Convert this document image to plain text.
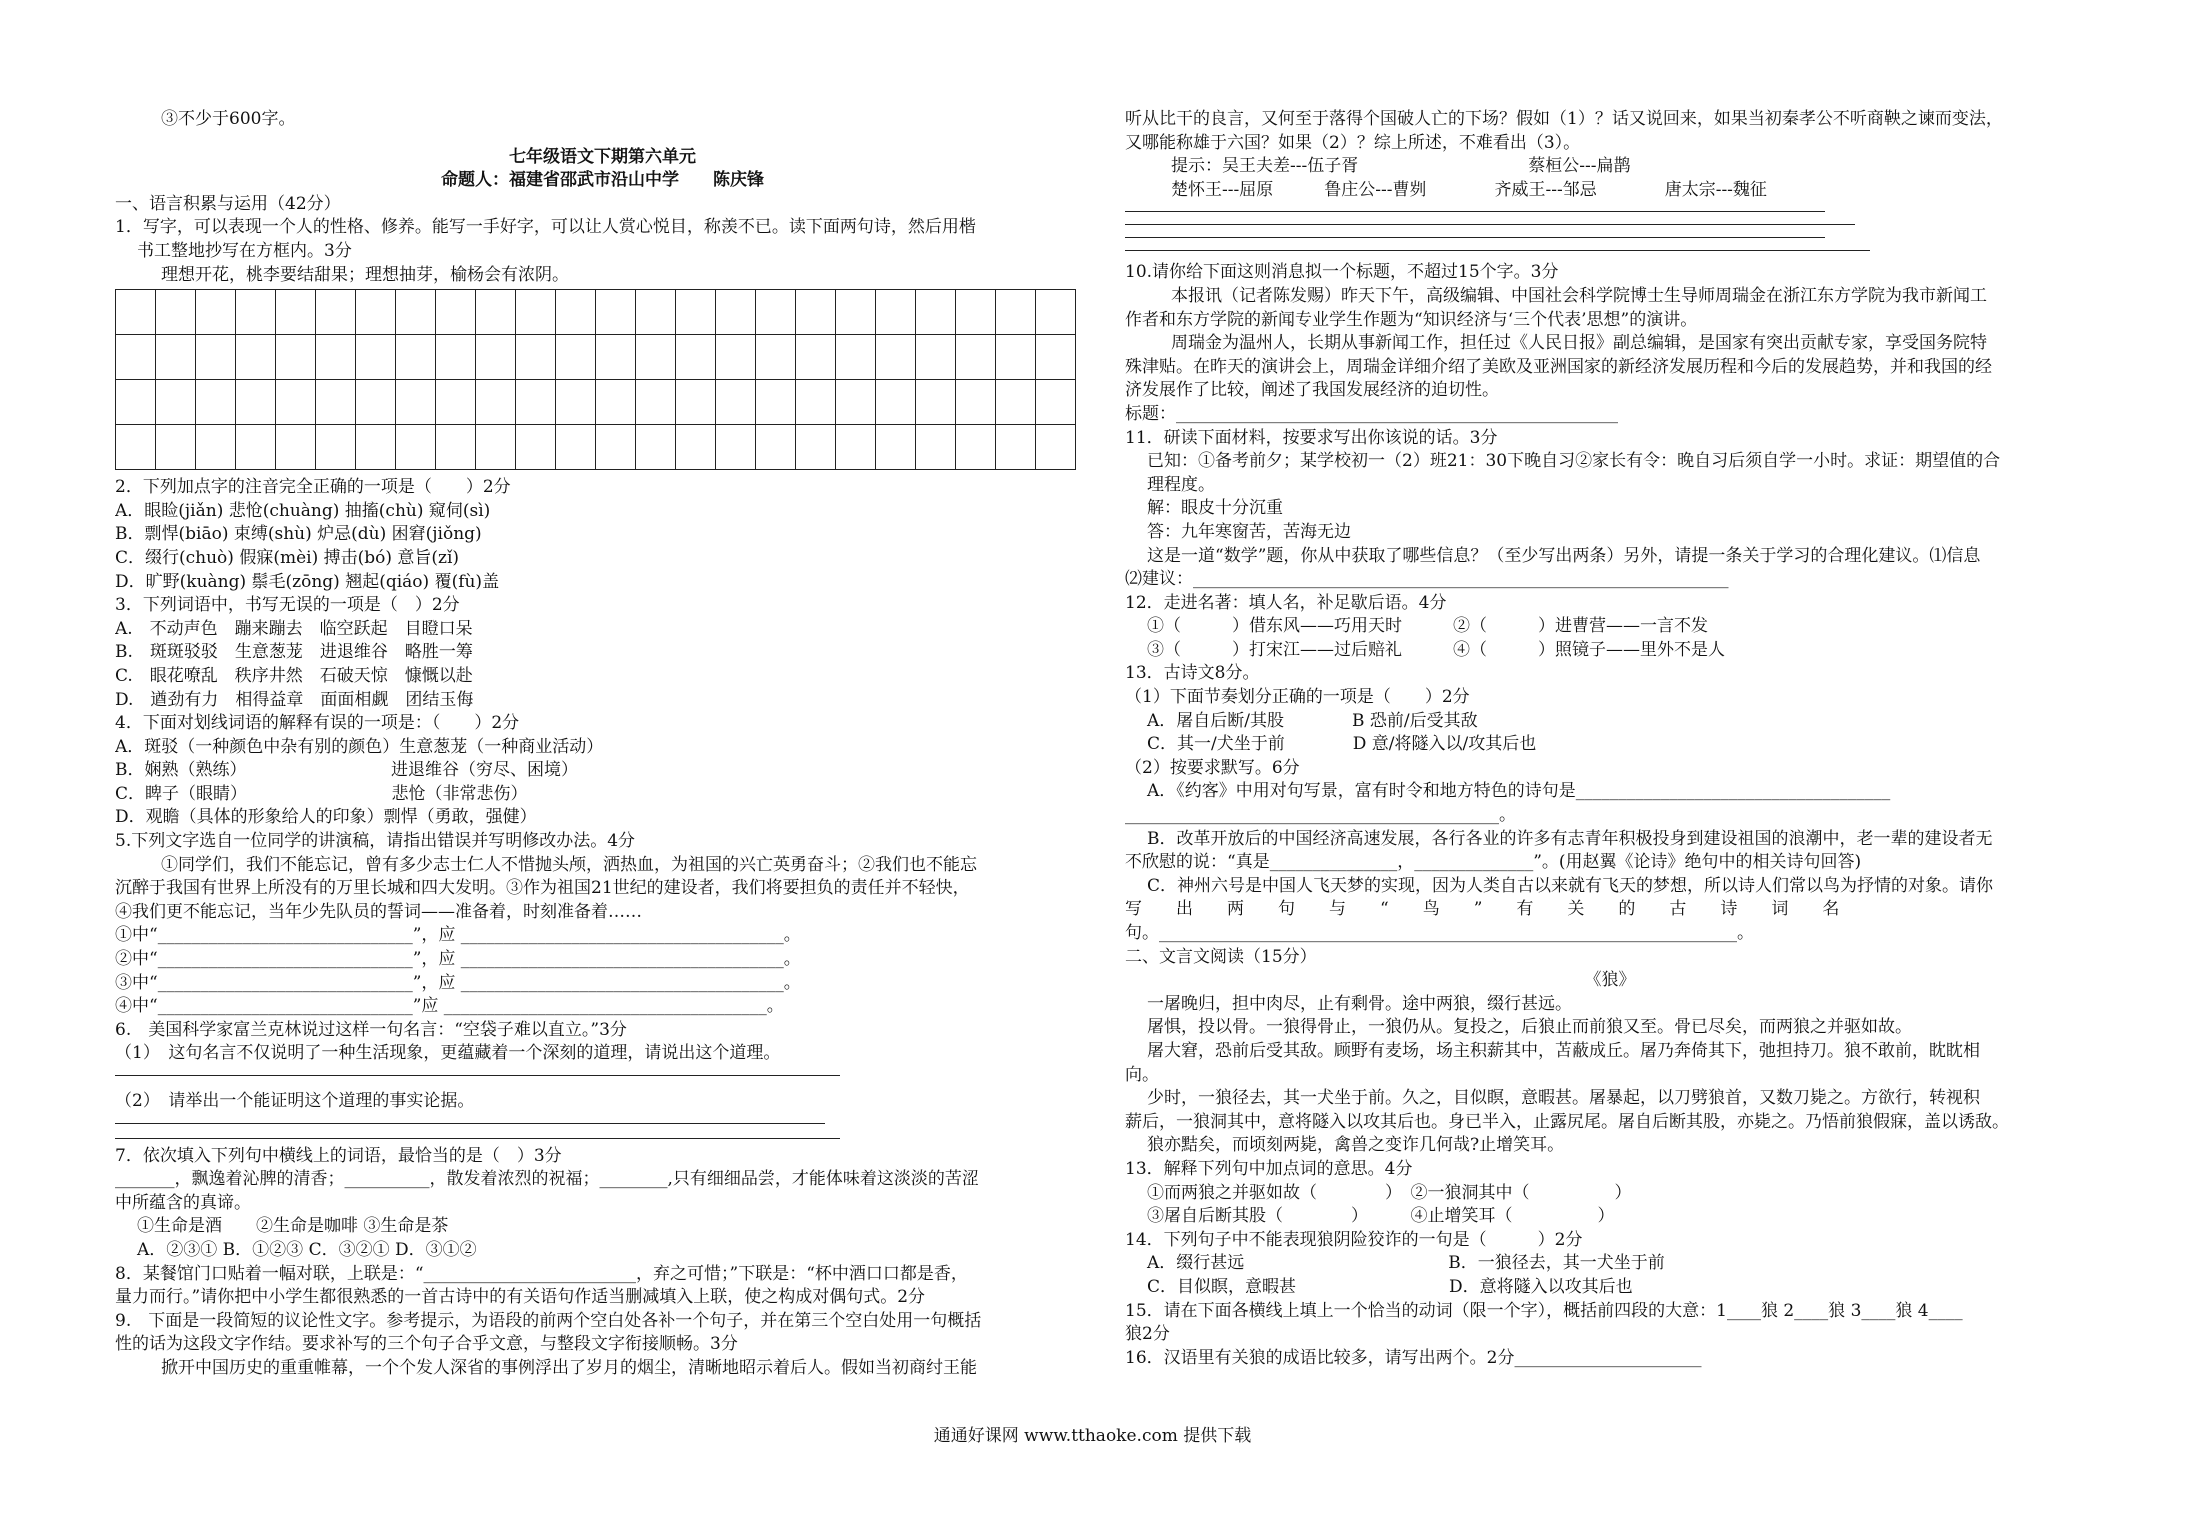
③不少于600字。

七年级语文下期第六单元

命题人：福建省邵武市沿山中学　　陈庆锋

一、语言积累与运用（42分）

1．写字，可以表现一个人的性格、修养。能写一手好字，可以让人赏心悦目，称羡不已。读下面两句诗，然后用楷

书工整地抄写在方框内。3分

理想开花，桃李要结甜果；理想抽芽，榆杨会有浓阴。

2．下列加点字的注音完全正确的一项是（　　）2分

A．眼睑(jiǎn) 悲怆(chuàng) 抽搐(chù) 窥伺(sì)

B．剽悍(biāo) 束缚(shù) 炉忌(dù) 困窘(jiǒng)

C．缀行(chuò) 假寐(mèi) 搏击(bó) 意旨(zǐ)

D．旷野(kuàng) 鬃毛(zōng) 翘起(qiáo) 覆(fù)盖

3．下列词语中，书写无误的一项是（　）2分

A.　不动声色　蹦来蹦去　临空跃起　目瞪口呆

B.　斑斑驳驳　生意葱茏　进退维谷　略胜一筹

C.　眼花嘹乱　秩序井然　石破天惊　慷慨以赴

D.　遒劲有力　相得益章　面面相觑　团结玉侮

4．下面对划线词语的解释有误的一项是：（　　）2分

A．斑驳（一种颜色中杂有别的颜色）生意葱茏（一种商业活动）

B．娴熟（熟练）　　　　　　　　　进退维谷（穷尽、困境）

C．睥子（眼睛）　　　　　　　　　悲怆（非常悲伤）

D．观瞻（具体的形象给人的印象）剽悍（勇敢，强健）

5.下列文字选自一位同学的讲演稿，请指出错误并写明修改办法。4分

①同学们，我们不能忘记，曾有多少志士仁人不惜抛头颅，洒热血，为祖国的兴亡英勇奋斗；②我们也不能忘

沉醉于我国有世界上所没有的万里长城和四大发明。③作为祖国21世纪的建设者，我们将要担负的责任并不轻快，

④我们更不能忘记，当年少先队员的誓词——准备着，时刻准备着……

①中“______________________________”，应 ______________________________________。

②中“______________________________”，应 ______________________________________。

③中“______________________________”，应 ______________________________________。

④中“______________________________”应 ______________________________________。

6.　美国科学家富兰克林说过这样一句名言：“空袋子难以直立。”3分

（1）　这句名言不仅说明了一种生活现象，更蕴藏着一个深刻的道理，请说出这个道理。

（2）　请举出一个能证明这个道理的事实论据。

7．依次填入下列句中横线上的词语，最恰当的是（　）3分

_______，飘逸着沁脾的清香；__________，散发着浓烈的祝福；________,只有细细品尝，才能体味着这淡淡的苦涩

中所蕴含的真谛。

①生命是酒　　②生命是咖啡 ③生命是茶

A．②③① B．①②③ C．③②① D．③①②

8．某餐馆门口贴着一幅对联，上联是：“_________________________，弃之可惜；”下联是：“杯中酒口口都是香，

量力而行。”请你把中小学生都很熟悉的一首古诗中的有关语句作适当删减填入上联，使之构成对偶句式。2分

9.　下面是一段简短的议论性文字。参考提示，为语段的前两个空白处各补一个句子，并在第三个空白处用一句概括

性的话为这段文字作结。要求补写的三个句子合乎文意，与整段文字衔接顺畅。3分

掀开中国历史的重重帷幕，一个个发人深省的事例浮出了岁月的烟尘，清晰地昭示着后人。假如当初商纣王能

听从比干的良言，又何至于落得个国破人亡的下场？假如（1）？话又说回来，如果当初秦孝公不听商鞅之谏而变法，

又哪能称雄于六国？如果（2）？综上所述，不难看出（3）。

提示：吴王夫差---伍子胥　　　　　　　　　　蔡桓公---扁鹊

楚怀王---屈原　　　鲁庄公---曹刿　　　　齐威王---邹忌　　　　唐太宗---魏征

10.请你给下面这则消息拟一个标题，不超过15个字。3分

本报讯（记者陈发赐）昨天下午，高级编辑、中国社会科学院博士生导师周瑞金在浙江东方学院为我市新闻工

作者和东方学院的新闻专业学生作题为“知识经济与‘三个代表’思想”的演讲。

周瑞金为温州人，长期从事新闻工作，担任过《人民日报》副总编辑，是国家有突出贡献专家，享受国务院特

殊津贴。在昨天的演讲会上，周瑞金详细介绍了美欧及亚洲国家的新经济发展历程和今后的发展趋势，并和我国的经

济发展作了比较，阐述了我国发展经济的迫切性。

标题：____________________________________________________

11．研读下面材料，按要求写出你该说的话。3分

已知：①备考前夕；某学校初一（2）班21：30下晚自习②家长有令：晚自习后须自学一小时。求证：期望值的合

理程度。

解：眼皮十分沉重

答：九年寒窗苦，苦海无边

这是一道“数学”题，你从中获取了哪些信息？（至少写出两条）另外，请提一条关于学习的合理化建议。⑴信息

⑵建议：_______________________________________________________________

12．走进名著：填人名，补足歇后语。4分

①（　　　）借东风——巧用天时　　　②（　　　）进曹营——一言不发

③（　　　）打宋江——过后赔礼　　　④（　　　）照镜子——里外不是人

13．古诗文8分。

（1）下面节奏划分正确的一项是（　　）2分

A．屠自后断/其股　　　　B 恐前/后受其敌

C．其一/犬坐于前　　　　D 意/将隧入以/攻其后也

（2）按要求默写。6分

A．《约客》中用对句写景，富有时令和地方特色的诗句是_____________________________________

____________________________________________。

B．改革开放后的中国经济高速发展，各行各业的许多有志青年积极投身到建设祖国的浪潮中，老一辈的建设者无

不欣慰的说：“真是_______________，______________”。(用赵翼《论诗》绝句中的相关诗句回答)

C．神州六号是中国人飞天梦的实现，因为人类自古以来就有飞天的梦想，所以诗人们常以鸟为抒情的对象。请你

写　　出　　两　　句　　与　　“　　鸟　　”　　有　　关　　的　　古　　诗　　词　　名

句。____________________________________________________________________。

二、文言文阅读（15分）

《狼》

一屠晚归，担中肉尽，止有剩骨。途中两狼，缀行甚远。

屠惧，投以骨。一狼得骨止，一狼仍从。复投之，后狼止而前狼又至。骨已尽矣，而两狼之并驱如故。

屠大窘，恐前后受其敌。顾野有麦场，场主积薪其中，苫蔽成丘。屠乃奔倚其下，弛担持刀。狼不敢前，眈眈相

向。

少时，一狼径去，其一犬坐于前。久之，目似瞑，意暇甚。屠暴起，以刀劈狼首，又数刀毙之。方欲行，转视积

薪后，一狼洞其中，意将隧入以攻其后也。身已半入，止露尻尾。屠自后断其股，亦毙之。乃悟前狼假寐，盖以诱敌。

狼亦黠矣，而顷刻两毙，禽兽之变诈几何哉?止增笑耳。

13．解释下列句中加点词的意思。4分

①而两狼之并驱如故（　　　　）　②一狼洞其中（　　　　　）

③屠自后断其股（　　　　）　　　④止增笑耳（　　　　　）

14．下列句子中不能表现狼阴险狡诈的一句是（　　　）2分

A．缀行甚远　　　　　　　　　　　　B．一狼径去，其一犬坐于前

C．目似瞑，意暇甚　　　　　　　　　D．意将隧入以攻其后也

15．请在下面各横线上填上一个恰当的动词（限一个字），概括前四段的大意：1____狼 2____狼 3____狼 4____

狼2分

16．汉语里有关狼的成语比较多，请写出两个。2分______________________

通通好课网 www.tthaoke.com 提供下载
